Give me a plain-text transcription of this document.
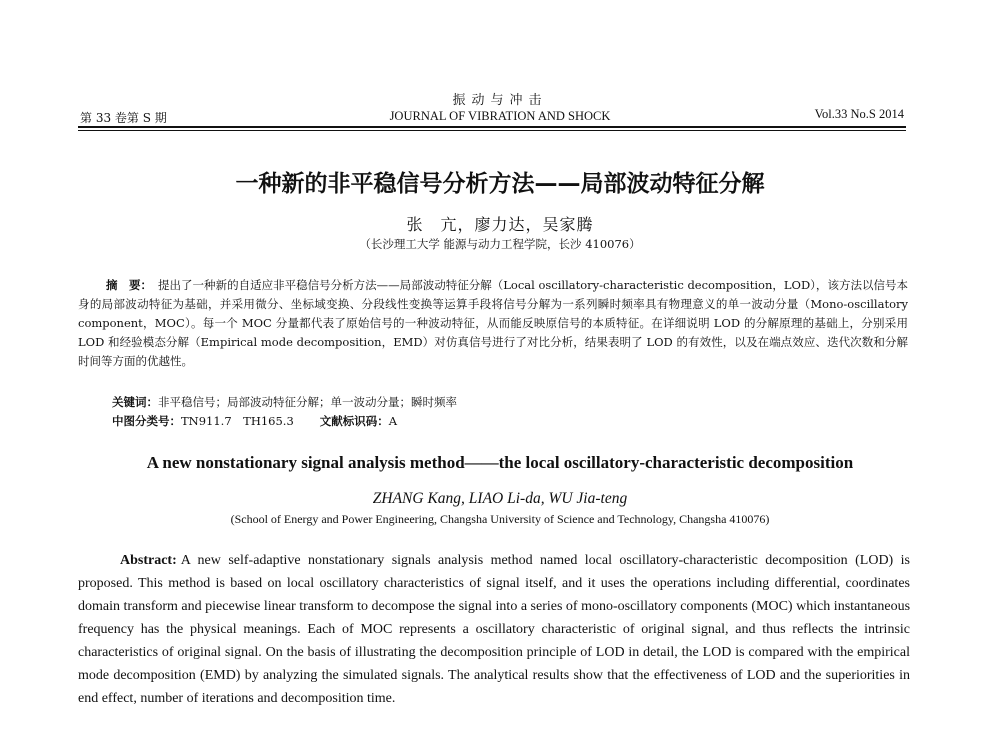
振动与冲击
第 33 卷第 S 期	JOURNAL OF VIBRATION AND SHOCK	Vol.33 No.S 2014
一种新的非平稳信号分析方法——局部波动特征分解
张　亢，廖力达，吴家腾
（长沙理工大学 能源与动力工程学院，长沙 410076）
摘　要： 提出了一种新的自适应非平稳信号分析方法——局部波动特征分解（Local oscillatory-characteristic decomposition，LOD），该方法以信号本身的局部波动特征为基础，并采用微分、坐标域变换、分段线性变换等运算手段将信号分解为一系列瞬时频率具有物理意义的单一波动分量（Mono-oscillatory component，MOC）。每一个 MOC 分量都代表了原始信号的一种波动特征，从而能反映原信号的本质特征。在详细说明 LOD 的分解原理的基础上，分别采用 LOD 和经验模态分解（Empirical mode decomposition，EMD）对仿真信号进行了对比分析，结果表明了 LOD 的有效性，以及在端点效应、迭代次数和分解时间等方面的优越性。
关键词：非平稳信号；局部波动特征分解；单一波动分量；瞬时频率
中图分类号：TN911.7　TH165.3 文献标识码：A
A new nonstationary signal analysis method——the local oscillatory-characteristic decomposition
ZHANG Kang, LIAO Li-da, WU Jia-teng
(School of Energy and Power Engineering, Changsha University of Science and Technology, Changsha 410076)
Abstract: A new self-adaptive nonstationary signals analysis method named local oscillatory-characteristic decomposition (LOD) is proposed. This method is based on local oscillatory characteristics of signal itself, and it uses the operations including differential, coordinates domain transform and piecewise linear transform to decompose the signal into a series of mono-oscillatory components (MOC) which instantaneous frequency has the physical meanings. Each of MOC represents a oscillatory characteristic of original signal, and thus reflects the intrinsic characteristics of original signal. On the basis of illustrating the decomposition principle of LOD in detail, the LOD is compared with the empirical mode decomposition (EMD) by analyzing the simulated signals. The analytical results show that the effectiveness of LOD and the superiorities in end effect, number of iterations and decomposition time.
